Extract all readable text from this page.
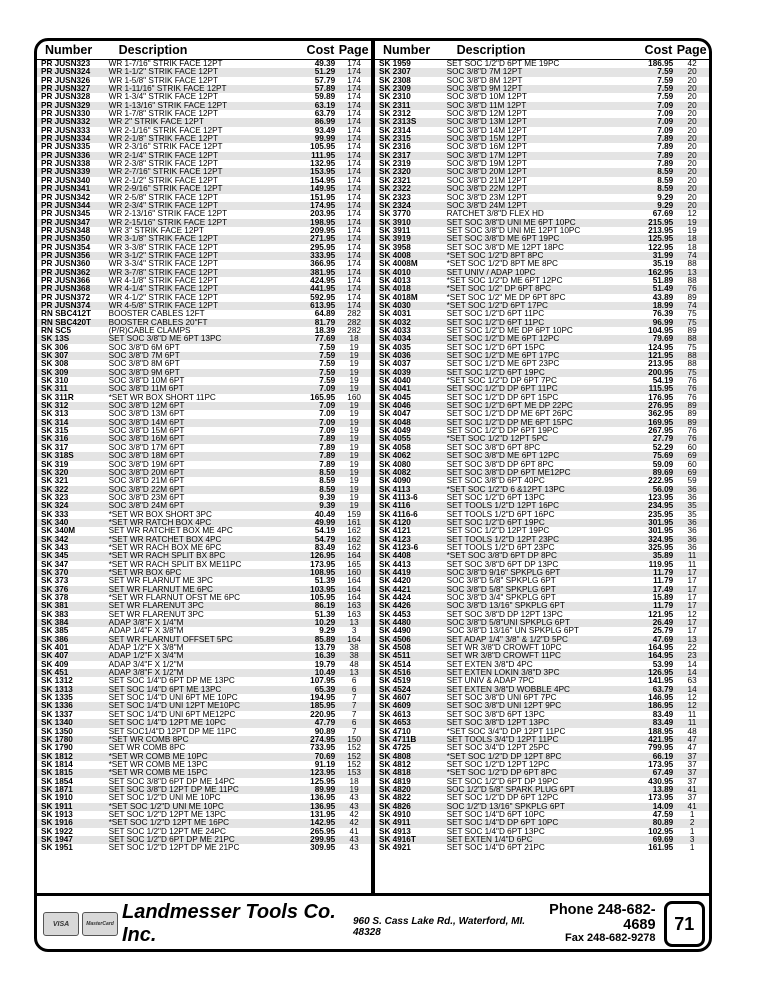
Number	Description	Cost Page
PR JUSN323	WR 1-7/16" STRIK FACE 12PT	49.39	174
PR JUSN324	WR 1-1/2" STRIK FACE 12PT	51.29	174
PR JUSN326	WR 1-5/8" STRIK FACE 12PT	57.79	174
PR JUSN327	WR 1-11/16" STRIK FACE 12PT	57.89	174
PR JUSN328	WR 1-3/4" STRIK FACE 12PT	59.89	174
PR JUSN329	WR 1-13/16" STRIK FACE 12PT	63.19	174
PR JUSN330	WR 1-7/8" STRIK FACE 12PT	63.79	174
PR JUSN332	WR 2" STRIK FACE 12PT	86.99	174
PR JUSN333	WR 2-1/16" STRIK FACE 12PT	93.49	174
PR JUSN334	WR 2-1/8" STRIK FACE 12PT	99.99	174
PR JUSN335	WR 2-3/16" STRIK FACE 12PT	105.95	174
PR JUSN336	WR 2-1/4" STRIK FACE 12PT	111.95	174
PR JUSN338	WR 2-3/8" STRIK FACE 12PT	132.95	174
PR JUSN339	WR 2-7/16" STRIK FACE 12PT	153.95	174
PR JUSN340	WR 2-1/2" STRIK FACE 12PT	154.95	174
PR JUSN341	WR 2-9/16" STRIK FACE 12PT	149.95	174
PR JUSN342	WR 2-5/8" STRIK FACE 12PT	151.95	174
PR JUSN344	WR 2-3/4" STRIK FACE 12PT	174.95	174
PR JUSN345	WR 2-13/16" STRIK FACE 12PT	203.95	174
PR JUSN347	WR 2-15/16" STRIK FACE 12PT	198.95	174
PR JUSN348	WR 3" STRIK FACE 12PT	209.95	174
PR JUSN350	WR 3-1/8" STRIK FACE 12PT	271.95	174
PR JUSN354	WR 3-3/8" STRIK FACE 12PT	295.95	174
PR JUSN356	WR 3-1/2" STRIK FACE 12PT	333.95	174
PR JUSN360	WR 3-3/4" STRIK FACE 12PT	366.95	174
PR JUSN362	WR 3-7/8" STRIK FACE 12PT	381.95	174
PR JUSN366	WR 4-1/8" STRIK FACE 12PT	424.95	174
PR JUSN368	WR 4-1/4" STRIK FACE 12PT	441.95	174
PR JUSN372	WR 4-1/2" STRIK FACE 12PT	592.95	174
PR JUSN374	WR 4-5/8" STRIK FACE 12PT	613.95	174
RN SBC412T	BOOSTER CABLES 12FT	64.89	282
RN SBC420T	BOOSTER CABLES 20"FT	81.79	282
RN SC5	(P/R)CABLE CLAMPS	18.39	282
SK 13S	SET SOC 3/8"D ME 6PT 13PC	77.69	18
SK 306	SOC 3/8"D 6M 6PT	7.59	19
SK 307	SOC 3/8"D 7M 6PT	7.59	19
SK 308	SOC 3/8"D 8M 6PT	7.59	19
SK 309	SOC 3/8"D 9M 6PT	7.59	19
SK 310	SOC 3/8"D 10M 6PT	7.59	19
SK 311	SOC 3/8"D 11M 6PT	7.09	19
SK 311R	*SET WR BOX SHORT 11PC	165.95	160
SK 312	SOC 3/8"D 12M 6PT	7.09	19
SK 313	SOC 3/8"D 13M 6PT	7.09	19
SK 314	SOC 3/8"D 14M 6PT	7.09	19
SK 315	SOC 3/8"D 15M 6PT	7.09	19
SK 316	SOC 3/8"D 16M 6PT	7.89	19
SK 317	SOC 3/8"D 17M 6PT	7.89	19
SK 318S	SOC 3/8"D 18M 6PT	7.89	19
SK 319	SOC 3/8"D 19M 6PT	7.89	19
SK 320	SOC 3/8"D 20M 6PT	8.59	19
SK 321	SOC 3/8"D 21M 6PT	8.59	19
SK 322	SOC 3/8"D 22M 6PT	8.59	19
SK 323	SOC 3/8"D 23M 6PT	9.39	19
SK 324	SOC 3/8"D 24M 6PT	9.39	19
SK 333	*SET WR BOX SHORT 3PC	40.49	159
SK 340	*SET WR RATCH BOX 4PC	49.99	161
SK 340M	SET WR RATCHET BOX ME 4PC	54.19	162
SK 342	*SET WR RATCHET BOX 4PC	54.79	162
SK 343	*SET WR RACH BOX ME 6PC	83.49	162
SK 345	*SET WR RACH SPLIT BX 8PC	126.95	164
SK 347	*SET WR RACH SPLIT BX ME11PC	173.95	165
SK 370	*SET WR BOX 6PC	108.95	160
SK 373	SET WR FLARNUT ME 3PC	51.39	164
SK 376	SET WR FLARNUT ME 6PC	103.95	164
SK 378	*SET WR FLARNUT OFST ME 6PC	105.95	164
SK 381	SET WR FLARENUT 3PC	86.19	163
SK 383	SET WR FLARENUT 3PC	51.39	163
SK 384	ADAP 3/8"F X 1/4"M	10.29	13
SK 385	ADAP 1/4"F X 3/8"M	9.29	3
SK 386	SET WR FLARNUT OFFSET 5PC	85.89	164
SK 401	ADAP 1/2"F X 3/8"M	13.79	38
SK 407	ADAP 1/2"F X 3/4"M	16.39	38
SK 409	ADAP 3/4"F X 1/2"M	19.79	48
SK 451	ADAP 3/8"F X 1/2"M	10.49	13
SK 1312	SET SOC 1/4"D 6PT DP ME 13PC	107.95	6
SK 1313	SET SOC 1/4"D 6PT ME 13PC	65.39	6
SK 1335	SET SOC 1/4"D UNI 6PT ME 10PC	194.95	7
SK 1336	SET SOC 1/4"D UNI 12PT ME10PC	185.95	7
SK 1337	SET SOC 1/4"D UNI 6PT ME12PC	220.95	7
SK 1340	SET SOC 1/4"D 12PT ME 10PC	47.79	6
SK 1350	SET SOC1/4"D 12PT DP ME 11PC	90.89	7
SK 1780	*SET WR COMB 8PC	274.95	150
SK 1790	SET WR COMB 8PC	733.95	152
SK 1812	*SET WR COMB ME 10PC	70.69	152
SK 1814	*SET WR COMB ME 13PC	91.19	152
SK 1815	*SET WR COMB ME 15PC	123.95	153
SK 1854	SET SOC 3/8"D 6PT DP ME 14PC	125.95	18
SK 1871	SET SOC 3/8"D 12PT DP ME 11PC	89.99	19
SK 1910	SET SOC 1/2"D UNI ME 10PC	136.95	43
SK 1911	*SET SOC 1/2"D UNI ME 10PC	136.95	43
SK 1913	SET SOC 1/2"D 12PT ME 13PC	131.95	42
SK 1916	*SET SOC 1/2"D 12PT ME 16PC	142.95	42
SK 1922	SET SOC 1/2"D 12PT ME 24PC	265.95	41
SK 1947	SET SOC 1/2"D 6PT DP ME 21PC	299.95	43
SK 1951	SET SOC 1/2"D 12PT DP ME 21PC	309.95	43
Number	Description	Cost Page
SK 1959	SET SOC 1/2"D 6PT ME 19PC	186.95	42
SK 2307	SOC 3/8"D 7M 12PT	7.59	20
SK 2308	SOC 3/8"D 8M 12PT	7.59	20
SK 2309	SOC 3/8"D 9M 12PT	7.59	20
SK 2310	SOC 3/8"D 10M 12PT	7.59	20
SK 2311	SOC 3/8"D 11M 12PT	7.09	20
SK 2312	SOC 3/8"D 12M 12PT	7.09	20
SK 2313S	SOC 3/8"D 13M 12PT	7.09	20
SK 2314	SOC 3/8"D 14M 12PT	7.09	20
SK 2315	SOC 3/8"D 15M 12PT	7.89	20
SK 2316	SOC 3/8"D 16M 12PT	7.89	20
SK 2317	SOC 3/8"D 17M 12PT	7.89	20
SK 2319	SOC 3/8"D 19M 12PT	7.89	20
SK 2320	SOC 3/8"D 20M 12PT	8.59	20
SK 2321	SOC 3/8"D 21M 12PT	8.59	20
SK 2322	SOC 3/8"D 22M 12PT	8.59	20
SK 2323	SOC 3/8"D 23M 12PT	9.29	20
SK 2324	SOC 3/8"D 24M 12PT	9.29	20
SK 3770	RATCHET 3/8"D FLEX HD	67.69	12
SK 3910	SET SOC 3/8"D UNI ME 6PT 10PC	215.95	19
SK 3911	SET SOC 3/8"D UNI ME 12PT 10PC	213.95	19
SK 3919	SET SOC 3/8"D ME 6PT 19PC	125.95	18
SK 3958	SET SOC 3/8"D ME 12PT 18PC	122.95	18
SK 4008	*SET SOC 1/2"D 8PT 8PC	31.99	74
SK 4008M	*SET SOC 1/2"D 8PT ME 8PC	35.19	88
SK 4010	SET UNIV / ADAP 10PC	162.95	13
SK 4013	*SET SOC 1/2"D ME 6PT 12PC	51.89	88
SK 4018	*SET SOC 1/2" DP 6PT 8PC	51.49	76
SK 4018M	*SET SOC 1/2" ME DP 6PT 8PC	43.89	89
SK 4030	*SET SOC 1/2"D 6PT 17PC	18.99	74
SK 4031	SET SOC 1/2"D 6PT 11PC	76.39	75
SK 4032	SET SOC 1/2"D 6PT 11PC	96.99	75
SK 4033	SET SOC 1/2"D ME DP 6PT 10PC	104.95	89
SK 4034	SET SOC 1/2"D ME 6PT 12PC	79.69	88
SK 4035	SET SOC 1/2"D 6PT 15PC	124.95	75
SK 4036	SET SOC 1/2"D ME 6PT 17PC	121.95	88
SK 4037	SET SOC 1/2"D ME 6PT 23PC	213.95	88
SK 4039	SET SOC 1/2"D 6PT 19PC	200.95	75
SK 4040	*SET SOC 1/2"D DP 6PT 7PC	54.19	76
SK 4041	SET SOC 1/2"D DP 6PT 11PC	115.95	76
SK 4045	SET SOC 1/2"D DP 6PT 15PC	176.95	76
SK 4046	SET SOC 1/2"D 6PT ME DP 22PC	276.95	89
SK 4047	SET SOC 1/2"D DP ME 6PT 26PC	362.95	89
SK 4048	SET SOC 1/2"D DP ME 6PT 15PC	169.95	89
SK 4049	SET SOC 1/2"D DP 6PT 19PC	267.95	76
SK 4055	*SET SOC 1/2"D 12PT 5PC	27.79	76
SK 4058	SET SOC 3/8"D 6PT 8PC	52.29	60
SK 4062	SET SOC 3/8"D ME 6PT 12PC	75.69	69
SK 4080	SET SOC 3/8"D DP 6PT 8PC	59.09	60
SK 4082	SET SOC 3/8"D DP 6PT ME12PC	89.69	69
SK 4090	SET SOC 3/8"D 6PT 40PC	222.95	59
SK 4113	*SET SOC 1/2"D 6 &12PT 13PC	56.09	36
SK 4113-6	SET SOC 1/2"D 6PT 13PC	123.95	36
SK 4116	SET TOOLS 1/2"D 12PT 16PC	234.95	35
SK 4116-6	SET TOOLS 1/2"D 6PT 16PC	235.95	35
SK 4120	SET SOC 1/2"D 6PT 19PC	301.95	36
SK 4121	SET SOC 1/2"D 12PT 19PC	301.95	36
SK 4123	SET TOOLS 1/2"D 12PT 23PC	324.95	36
SK 4123-6	SET TOOLS 1/2"D 6PT 23PC	325.95	36
SK 4408	*SET SOC 3/8"D 6PT DP 8PC	35.89	11
SK 4413	SET SOC 3/8"D 6PT DP 13PC	119.95	11
SK 4419	SOC 3/8"D 9/16" SPKPLG 6PT	11.79	17
SK 4420	SOC 3/8"D 5/8" SPKPLG 6PT	11.79	17
SK 4421	SOC 3/8"D 5/8" SPKPLG 6PT	17.49	17
SK 4424	SOC 3/8"D 3/4" SPKPLG 6PT	15.89	17
SK 4426	SOC 3/8"D 13/16" SPKPLG 6PT	11.79	17
SK 4453	SET SOC 3/8"D DP 12PT 13PC	121.95	12
SK 4480	SOC 3/8"D 5/8"UNI SPKPLG 6PT	26.49	17
SK 4490	SOC 3/8"D 13/16" UN SPKPLG 6PT	25.79	17
SK 4506	SET ADAP 1/4" 3/8" & 1/2"D 5PC	47.69	13
SK 4508	SET WR 3/8"D CROWFT 10PC	164.95	22
SK 4511	SET WR 3/8"D CROWFT 11PC	164.95	23
SK 4514	SET EXTEN 3/8"D 4PC	53.99	14
SK 4516	SET EXTEN LOKIN 3/8"D 3PC	126.95	14
SK 4519	SET UNIV & ADAP 7PC	141.95	63
SK 4524	SET EXTEN 3/8"D WOBBLE 4PC	63.79	14
SK 4607	SET SOC 3/8"D UNI 6PT 7PC	146.95	12
SK 4609	SET SOC 3/8"D UNI 12PT 9PC	186.95	12
SK 4613	SET SOC 3/8"D 6PT 13PC	83.49	11
SK 4653	SET SOC 3/8"D 12PT 13PC	83.49	11
SK 4710	*SET SOC 3/4"D DP 12PT 11PC	188.95	48
SK 4711B	SET TOOLS 3/4"D 12PT 11PC	421.95	47
SK 4725	SET SOC 3/4"D 12PT 25PC	799.95	47
SK 4808	*SET SOC 1/2"D DP 12PT 8PC	66.19	37
SK 4812	SET SOC 1/2"D 12PT 12PC	173.95	37
SK 4818	*SET SOC 1/2"D DP 6PT 8PC	67.49	37
SK 4819	SET SOC 1/2"D 6PT DP 19PC	430.95	37
SK 4820	SOC 1/2"D 5/8" SPARK PLUG 6PT	13.89	41
SK 4822	SET SOC 1/2"D DP 6PT 12PC	173.95	37
SK 4826	SOC 1/2"D 13/16" SPKPLG 6PT	14.09	41
SK 4910	SET SOC 1/4"D 6PT 10PC	47.59	1
SK 4911	SET SOC 1/4"D DP 6PT 10PC	80.89	2
SK 4913	SET SOC 1/4"D 6PT 13PC	102.95	1
SK 4916T	SET EXTEN 1/4"D 6PC	69.69	3
SK 4921	SET SOC 1/4"D 6PT 21PC	161.95	1
VISA	MasterCard
Landmesser Tools Co. Inc.
960 S. Cass Lake Rd., Waterford, MI. 48328
Phone 248-682-4689
Fax 248-682-9278
71
